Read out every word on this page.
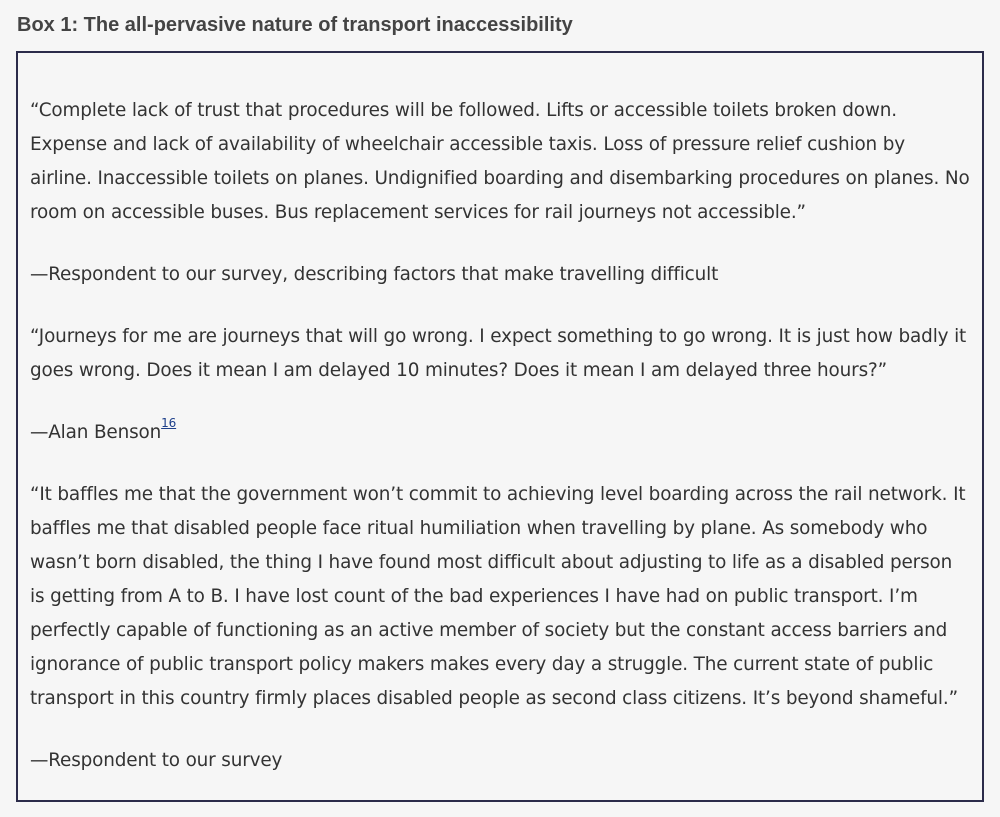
Box 1: The all-pervasive nature of transport inaccessibility

“Complete lack of trust that procedures will be followed. Lifts or accessible toilets broken down. Expense and lack of availability of wheelchair accessible taxis. Loss of pressure relief cushion by airline. Inaccessible toilets on planes. Undignified boarding and disembarking procedures on planes. No room on accessible buses. Bus replacement services for rail journeys not accessible.”

—Respondent to our survey, describing factors that make travelling difficult

“Journeys for me are journeys that will go wrong. I expect something to go wrong. It is just how badly it goes wrong. Does it mean I am delayed 10 minutes? Does it mean I am delayed three hours?”

—Alan Benson$^{16}$

“It baffles me that the government won’t commit to achieving level boarding across the rail network. It baffles me that disabled people face ritual humiliation when travelling by plane. As somebody who wasn’t born disabled, the thing I have found most difficult about adjusting to life as a disabled person is getting from A to B. I have lost count of the bad experiences I have had on public transport. I’m perfectly capable of functioning as an active member of society but the constant access barriers and ignorance of public transport policy makers makes every day a struggle. The current state of public transport in this country firmly places disabled people as second class citizens. It’s beyond shameful.”

—Respondent to our survey
